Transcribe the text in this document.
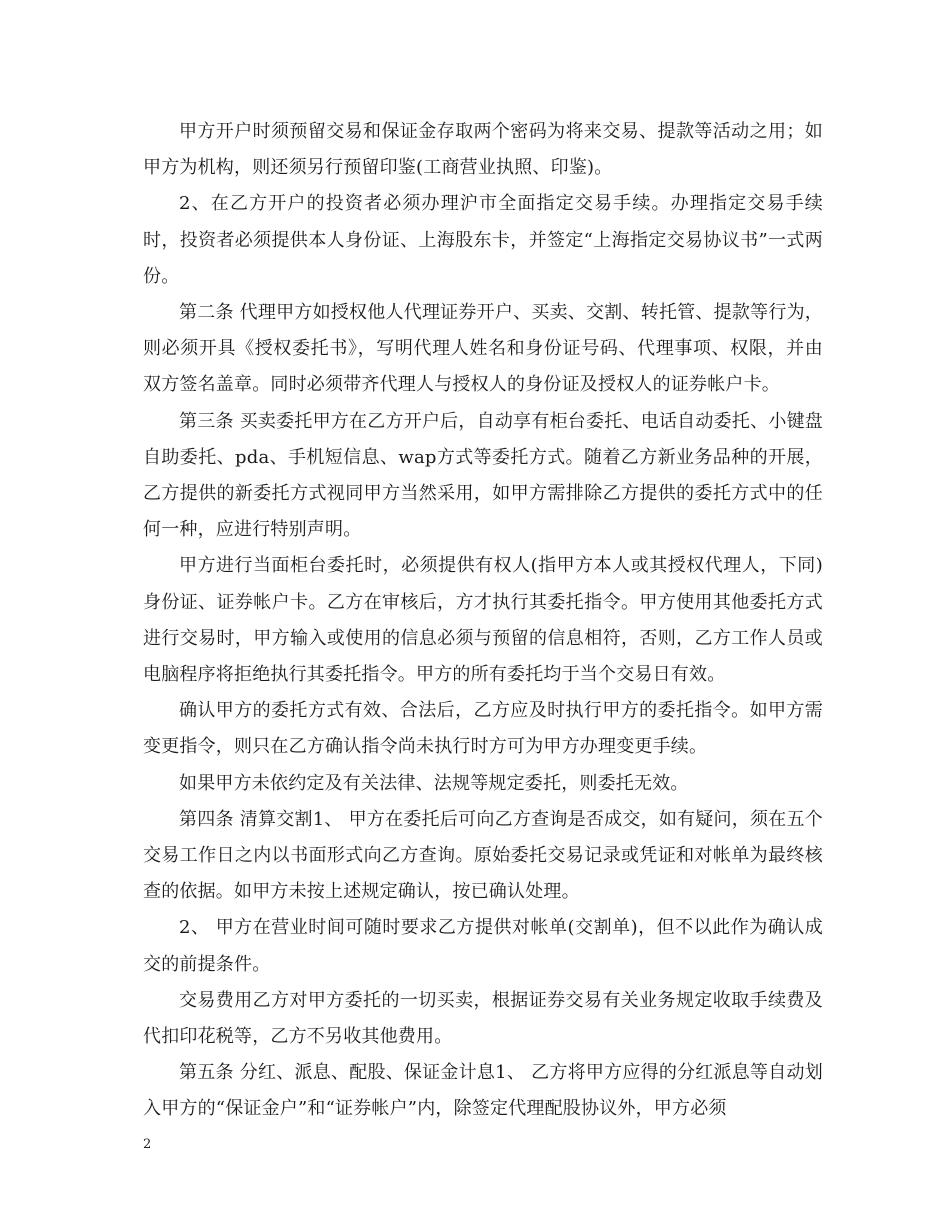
甲方开户时须预留交易和保证金存取两个密码为将来交易、提款等活动之用；如甲方为机构，则还须另行预留印鉴(工商营业执照、印鉴)。

2、在乙方开户的投资者必须办理沪市全面指定交易手续。办理指定交易手续时，投资者必须提供本人身份证、上海股东卡，并签定“上海指定交易协议书”一式两份。

第二条 代理甲方如授权他人代理证券开户、买卖、交割、转托管、提款等行为，则必须开具《授权委托书》，写明代理人姓名和身份证号码、代理事项、权限，并由双方签名盖章。同时必须带齐代理人与授权人的身份证及授权人的证券帐户卡。

第三条 买卖委托甲方在乙方开户后，自动享有柜台委托、电话自动委托、小键盘自助委托、pda、手机短信息、wap方式等委托方式。随着乙方新业务品种的开展，乙方提供的新委托方式视同甲方当然采用，如甲方需排除乙方提供的委托方式中的任何一种，应进行特别声明。

甲方进行当面柜台委托时，必须提供有权人(指甲方本人或其授权代理人，下同)身份证、证券帐户卡。乙方在审核后，方才执行其委托指令。甲方使用其他委托方式进行交易时，甲方输入或使用的信息必须与预留的信息相符，否则，乙方工作人员或电脑程序将拒绝执行其委托指令。甲方的所有委托均于当个交易日有效。

确认甲方的委托方式有效、合法后，乙方应及时执行甲方的委托指令。如甲方需变更指令，则只在乙方确认指令尚未执行时方可为甲方办理变更手续。

如果甲方未依约定及有关法律、法规等规定委托，则委托无效。

第四条 清算交割1、 甲方在委托后可向乙方查询是否成交，如有疑问，须在五个交易工作日之内以书面形式向乙方查询。原始委托交易记录或凭证和对帐单为最终核查的依据。如甲方未按上述规定确认，按已确认处理。

2、 甲方在营业时间可随时要求乙方提供对帐单(交割单)，但不以此作为确认成交的前提条件。

交易费用乙方对甲方委托的一切买卖，根据证券交易有关业务规定收取手续费及代扣印花税等，乙方不另收其他费用。

第五条 分红、派息、配股、保证金计息1、 乙方将甲方应得的分红派息等自动划入甲方的“保证金户”和“证券帐户”内，除签定代理配股协议外，甲方必须

2
